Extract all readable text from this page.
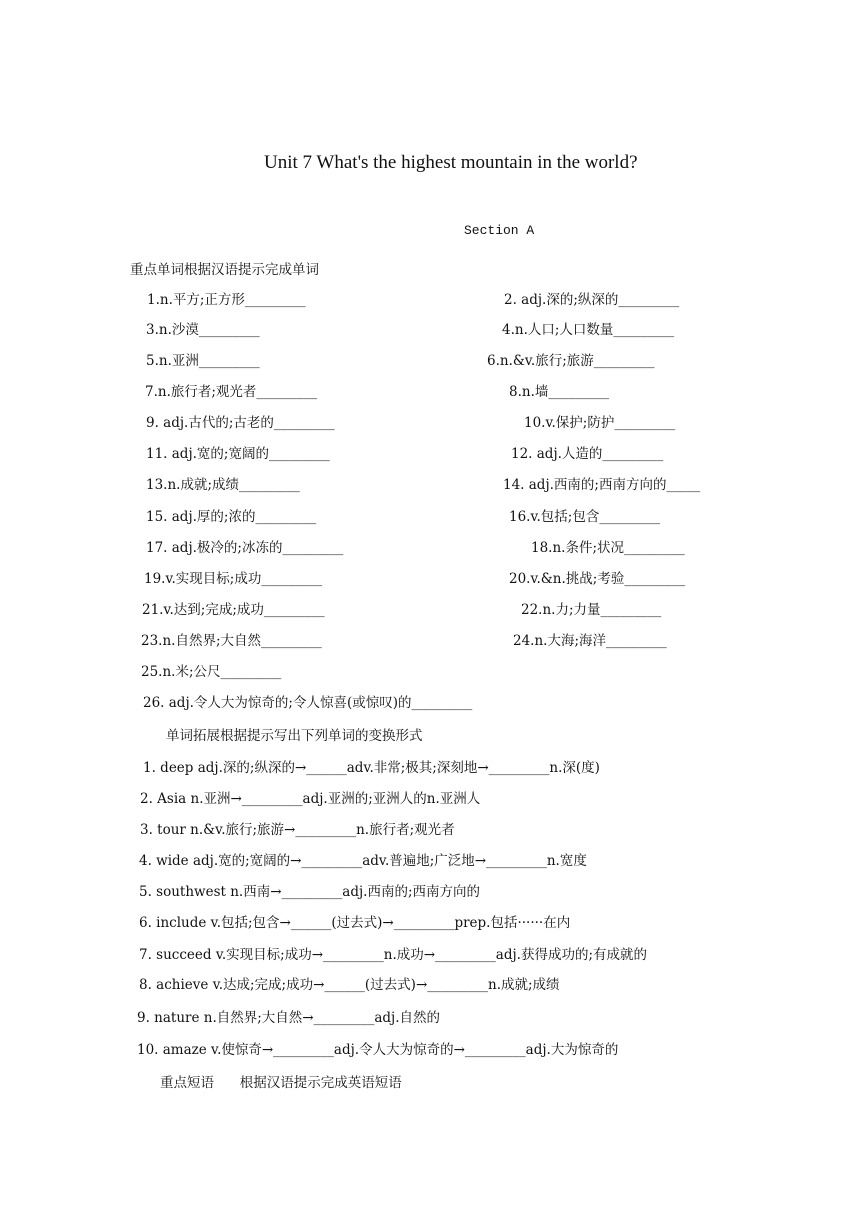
Unit 7 What's the highest mountain in the world?
Section A
重点单词根据汉语提示完成单词
1.n.平方;正方形_________	2. adj.深的;纵深的_________
3.n.沙漠_________	4.n.人口;人口数量_________
5.n.亚洲_________	6.n.&v.旅行;旅游_________
7.n.旅行者;观光者_________	8.n.墙_________
9. adj.古代的;古老的_________	10.v.保护;防护_________
11. adj.宽的;宽阔的_________	12. adj.人造的_________
13.n.成就;成绩_________	14. adj.西南的;西南方向的_____
15. adj.厚的;浓的_________	16.v.包括;包含_________
17. adj.极冷的;冰冻的_________	18.n.条件;状况_________
19.v.实现目标;成功_________	20.v.&n.挑战;考验_________
21.v.达到;完成;成功_________	22.n.力;力量_________
23.n.自然界;大自然_________	24.n.大海;海洋_________
25.n.米;公尺_________
26. adj.令人大为惊奇的;令人惊喜(或惊叹)的_________
单词拓展根据提示写出下列单词的变换形式
1. deep adj.深的;纵深的→______adv.非常;极其;深刻地→_________n.深(度)
2. Asia n.亚洲→_________adj.亚洲的;亚洲人的n.亚洲人
3. tour n.&v.旅行;旅游→_________n.旅行者;观光者
4. wide adj.宽的;宽阔的→_________adv.普遍地;广泛地→_________n.宽度
5. southwest n.西南→_________adj.西南的;西南方向的
6. include v.包括;包含→______(过去式)→_________prep.包括······在内
7. succeed v.实现目标;成功→_________n.成功→_________adj.获得成功的;有成就的
8. achieve v.达成;完成;成功→______(过去式)→_________n.成就;成绩
9. nature n.自然界;大自然→_________adj.自然的
10. amaze v.使惊奇→_________adj.令人大为惊奇的→_________adj.大为惊奇的
重点短语      根据汉语提示完成英语短语
